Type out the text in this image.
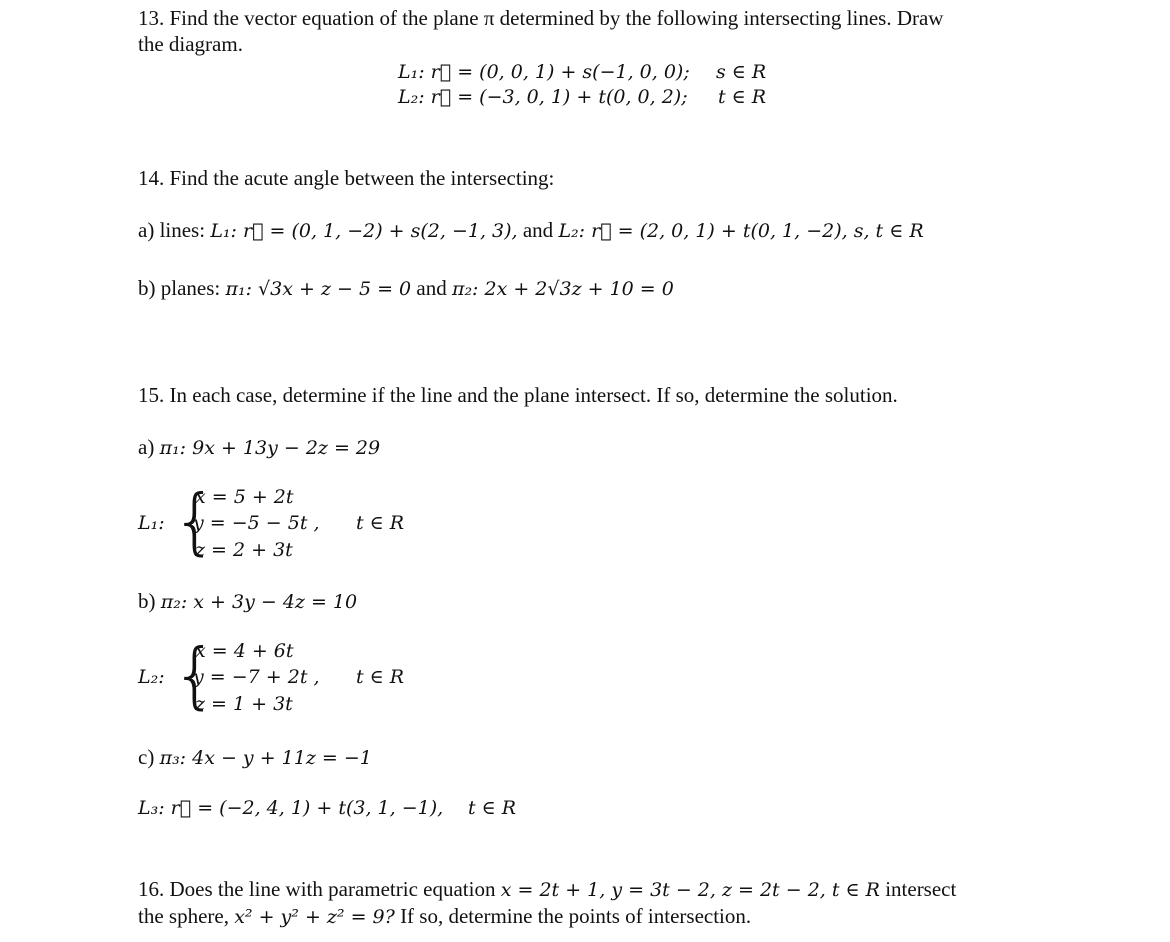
13. Find the vector equation of the plane π determined by the following intersecting lines. Draw
the diagram.
L₁: r⃗ = (0, 0, 1) + s(−1, 0, 0); s ∈ R
L₂: r⃗ = (−3, 0, 1) + t(0, 0, 2); t ∈ R
14. Find the acute angle between the intersecting:
a) lines: L₁: r⃗ = (0, 1, −2) + s(2, −1, 3), and L₂: r⃗ = (2, 0, 1) + t(0, 1, −2), s, t ∈ R
b) planes: π₁: √3x + z − 5 = 0 and π₂: 2x + 2√3z + 10 = 0
15. In each case, determine if the line and the plane intersect. If so, determine the solution.
a) π₁: 9x + 13y − 2z = 29
L₁: {
x = 5 + 2t
y = −5 − 5t ,
z = 2 + 3t
t ∈ R
b) π₂: x + 3y − 4z = 10
L₂: {
x = 4 + 6t
y = −7 + 2t ,
z = 1 + 3t
t ∈ R
c) π₃: 4x − y + 11z = −1
L₃: r⃗ = (−2, 4, 1) + t(3, 1, −1), t ∈ R
16. Does the line with parametric equation x = 2t + 1, y = 3t − 2, z = 2t − 2, t ∈ R intersect
the sphere, x² + y² + z² = 9? If so, determine the points of intersection.
